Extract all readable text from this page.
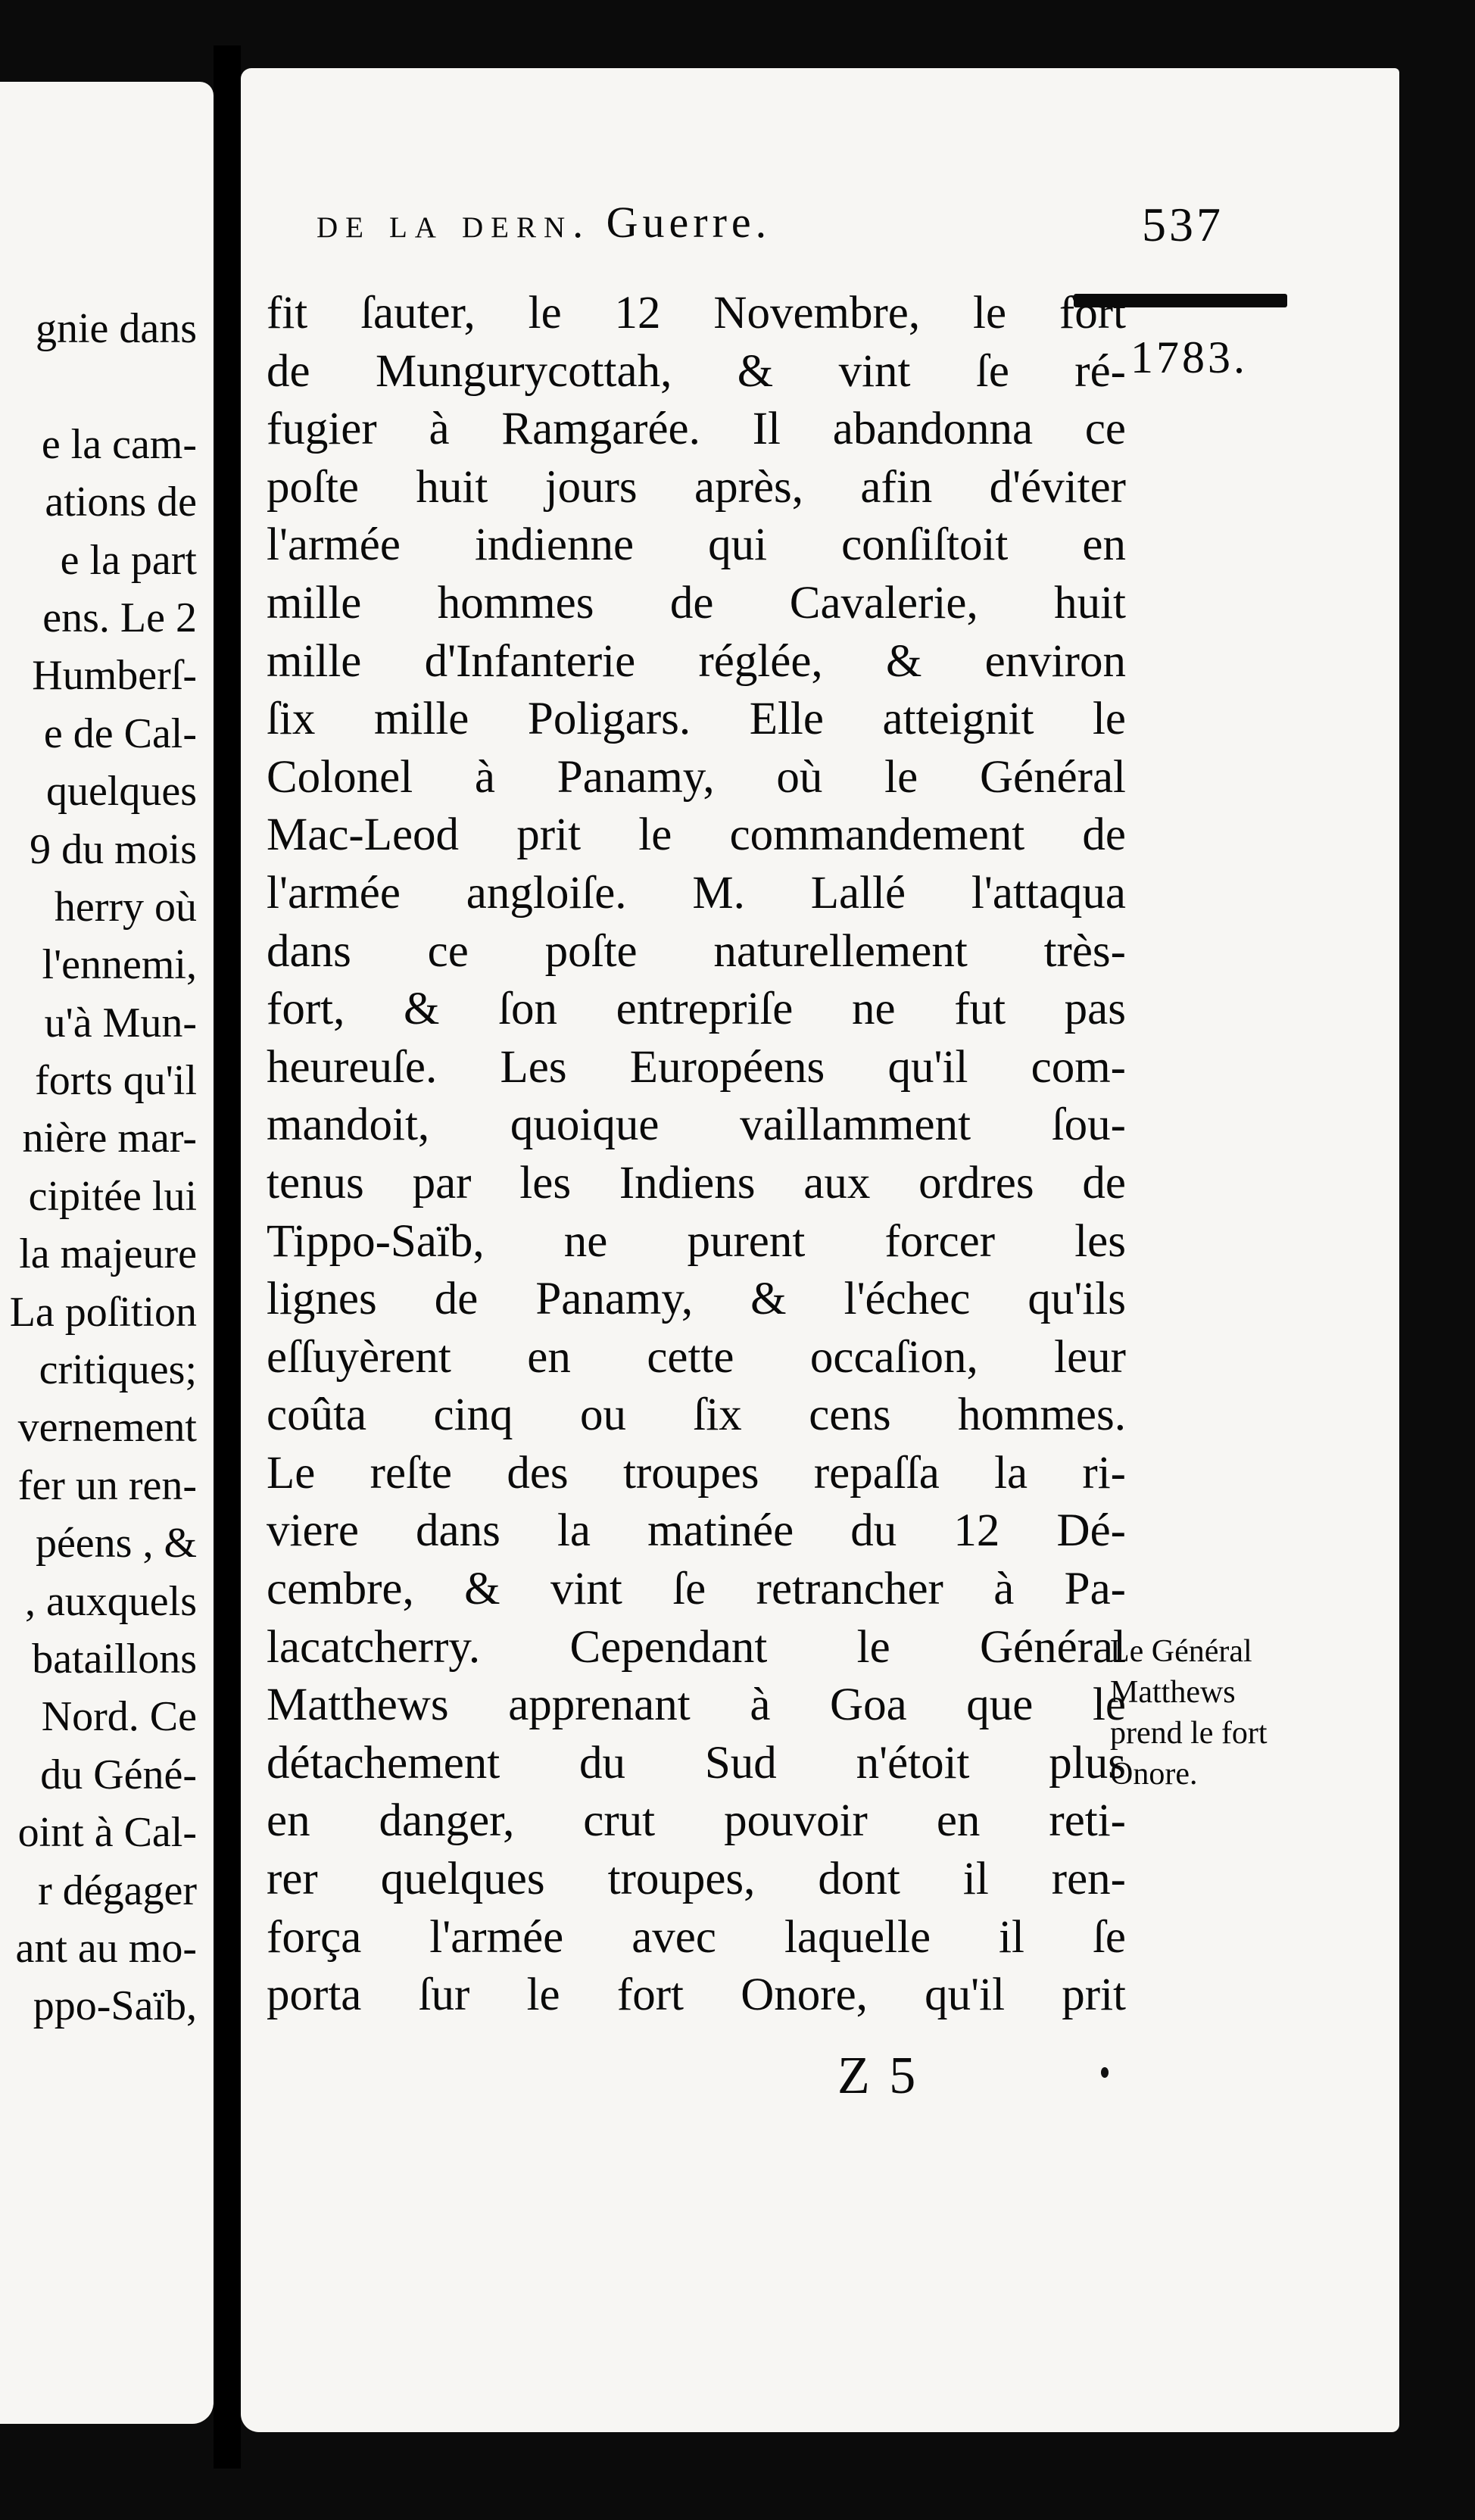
gnie dans
e la cam-
ations de
e la part
ens. Le 2
Humberſ-
e de Cal-
quelques
9 du mois
herry où
l'ennemi,
u'à Mun-
forts qu'il
nière mar-
cipitée lui
la majeure
La poſition
critiques;
vernement
fer un ren-
péens , &
, auxquels
bataillons
Nord. Ce
du Géné-
oint à Cal-
r dégager
ant au mo-
ppo-Saïb,
de la dern. Guerre.	537
fit ſauter, le 12 Novembre, le fort
de Mungurycottah, & vint ſe ré-
fugier à Ramgarée. Il abandonna ce
poſte huit jours après, afin d'éviter
l'armée indienne qui conſiſtoit en
mille hommes de Cavalerie, huit
mille d'Infanterie réglée, & environ
ſix mille Poligars. Elle atteignit le
Colonel à Panamy, où le Général
Mac-Leod prit le commandement de
l'armée angloiſe. M. Lallé l'attaqua
dans ce poſte naturellement très-
fort, & ſon entrepriſe ne fut pas
heureuſe. Les Européens qu'il com-
mandoit, quoique vaillamment ſou-
tenus par les Indiens aux ordres de
Tippo-Saïb, ne purent forcer les
lignes de Panamy, & l'échec qu'ils
eſſuyèrent en cette occaſion, leur
coûta cinq ou ſix cens hommes.
Le reſte des troupes repaſſa la ri-
viere dans la matinée du 12 Dé-
cembre, & vint ſe retrancher à Pa-
lacatcherry. Cependant le Général
Matthews apprenant à Goa que le
détachement du Sud n'étoit plus
en danger, crut pouvoir en reti-
rer quelques troupes, dont il ren-
força l'armée avec laquelle il ſe
porta ſur le fort Onore, qu'il prit
1783.
Le Général
Matthews
prend le fort
Onore.
Z 5
